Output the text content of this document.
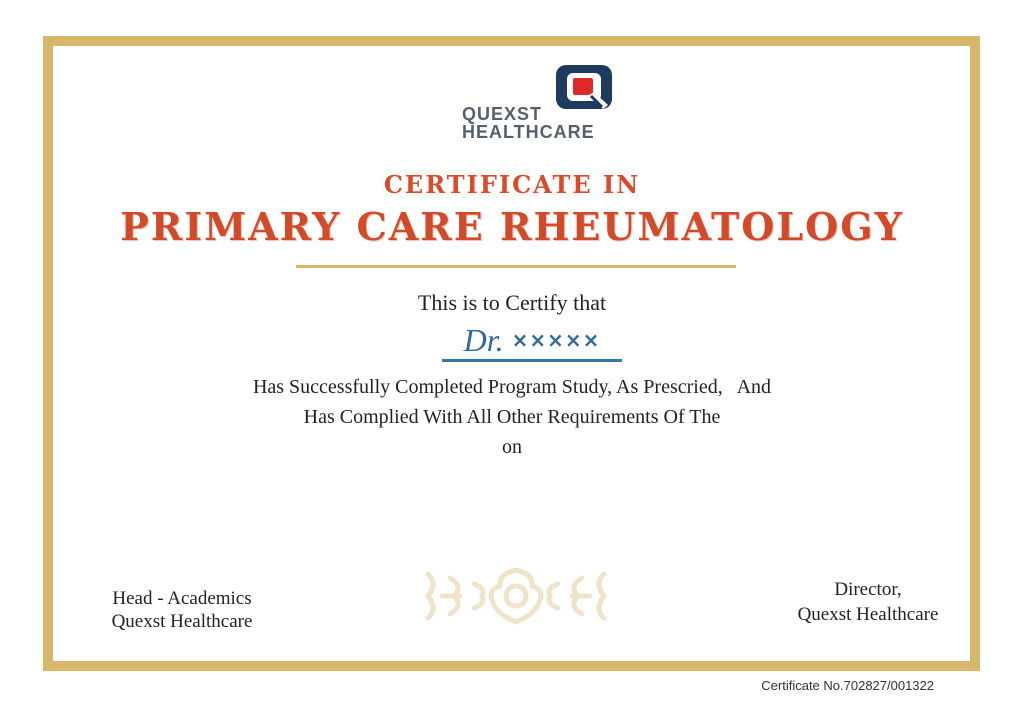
QUEXST
HEALTHCARE
CERTIFICATE IN
PRIMARY CARE RHEUMATOLOGY
This is to Certify that
Dr. ×××××
Has Successfully Completed Program Study, As Prescried,   And
Has Complied With All Other Requirements Of The
on
Head - Academics
Quexst Healthcare
Director,
Quexst Healthcare
Certificate No.702827/001322
